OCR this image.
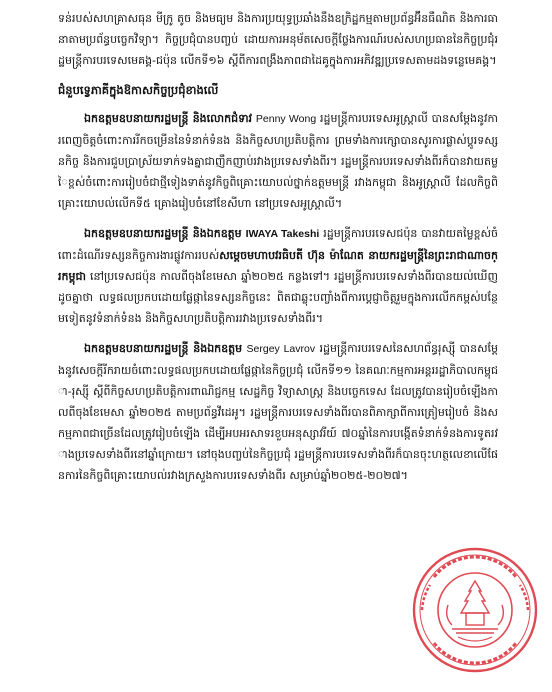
ទន់របស់សហគ្រាសធុន មីក្រូ តូច និងមធ្យម និងការប្រយុទ្ធប្រឆាំងនឹងឧក្រិដ្ឋកម្មតាមប្រព័ន្ធអ៊ីនធឺណិត និងការធានាតាមប្រព័ន្ធបច្ចេកវិទ្យា។ កិច្ចប្រជុំបានបញ្ចប់ ដោយការអនុម័តសេចក្តីថ្លែងការណ៍របស់សហប្រធាននៃកិច្ចប្រជុំរដ្ឋមន្ត្រីការបរទេសមេគង្គ-ជប៉ុន លើកទី១៦ ស្តីពីការពង្រឹងភាពជាដៃគូក្នុងការអភិវឌ្ឍប្រទេសតាមដងទន្លេមេគង្គ។

ជំនួបទ្វេភាគីក្នុងឱកាសកិច្ចប្រជុំខាងលើ

ឯកឧត្តមឧបនាយករដ្ឋមន្ត្រី និងលោកជំទាវ Penny Wong រដ្ឋមន្ត្រីការបរទេសអូស្ត្រាលី បានសម្តែងនូវការពេញចិត្តចំពោះការរីកចម្រើននៃទំនាក់ទំនង និងកិច្ចសហប្រតិបត្តិការ ព្រមទាំងការក្សោបានសូរការផ្លាស់ប្តូរទស្សនកិច្ច និងការជួបប្រាស្រ័យទាក់ទងគ្នាជាញឹកញាប់រវាងប្រទេសទាំងពីរ។ រដ្ឋមន្ត្រីការបរទេសទាំងពីរក៏បានវាយតម្លៃខ្ពស់ចំពោះការរៀបចំជាថ្មីទៀងទាត់នូវកិច្ចពិគ្រោះយោបល់ថ្នាក់ឧត្តមមន្ត្រី រវាងកម្ពុជា និងអូស្ត្រាលី ដែលកិច្ចពិគ្រោះយោបល់លើកទី៥ គ្រោងរៀបចំនៅខែសីហា នៅប្រទេសអូស្ត្រាលី។

ឯកឧត្តមឧបនាយករដ្ឋមន្ត្រី និងឯកឧត្តម IWAYA Takeshi រដ្ឋមន្ត្រីការបរទេសជប៉ុន បានវាយតម្លៃខ្ពស់ចំពោះដំណើរទស្សនកិច្ចការងារផ្លូវការរបស់សម្តេចមហាបវរធិបតី ហ៊ុន ម៉ាណែត នាយករដ្ឋមន្ត្រីនៃព្រះរាជាណាចក្រកម្ពុជា នៅប្រទេសជប៉ុន កាលពីចុងខែមេសា ឆ្នាំ២០២៥ កន្លងទៅ។ រដ្ឋមន្ត្រីការបរទេសទាំងពីរបានយល់ឃើញដូចគ្នាថា លទ្ធផលប្រកបដោយផ្លែផ្កានៃទស្សនកិច្ចនេះ ពិតជាឆ្លុះបញ្ចាំងពីការប្តេជ្ញាចិត្តរួមក្នុងការលើកកម្ពស់បន្ថែមទៀតនូវទំនាក់ទំនង និងកិច្ចសហប្រតិបត្តិការរវាងប្រទេសទាំងពីរ។

ឯកឧត្តមឧបនាយករដ្ឋមន្ត្រី និងឯកឧត្តម Sergey Lavrov រដ្ឋមន្ត្រីការបរទេសនៃសហព័ន្ធរុស្ស៊ី បានសម្តែងនូវសេចក្តីរីករាយចំពោះលទ្ធផលប្រកបដោយផ្លែផ្កានៃកិច្ចប្រជុំ លើកទី១១ នៃគណៈកម្មការអន្តររដ្ឋាភិបាលកម្ពុជា-រុស្ស៊ី ស្តីពីកិច្ចសហប្រតិបត្តិការពាណិជ្ជកម្ម សេដ្ឋកិច្ច វិទ្យាសាស្ត្រ និងបច្ចេកទេស ដែលត្រូវបានរៀបចំឡើងកាលពីចុងខែមេសា ឆ្នាំ២០២៥ តាមប្រព័ន្ធវីដេអូ។ រដ្ឋមន្ត្រីការបរទេសទាំងពីរបានពិភាក្សាពីការត្រៀមរៀបចំ និងសកម្មភាពជាច្រើនដែលត្រូវរៀបចំឡើង ដើម្បីអបអរសាទរខួបអនុស្សាវរីយ៍ ៧០ឆ្នាំនៃការបង្កើតទំនាក់ទំនងការទូតរវាងប្រទេសទាំងពីរនៅឆ្នាំក្រោយ។ នៅចុងបញ្ចប់នៃកិច្ចប្រជុំ រដ្ឋមន្ត្រីការបរទេសទាំងពីរក៏បានចុះហត្ថលេខាលើផែនការនៃកិច្ចពិគ្រោះយោបល់រវាងក្រសួងការបរទេសទាំងពីរ សម្រាប់ឆ្នាំ២០២៥-២០២៧។
